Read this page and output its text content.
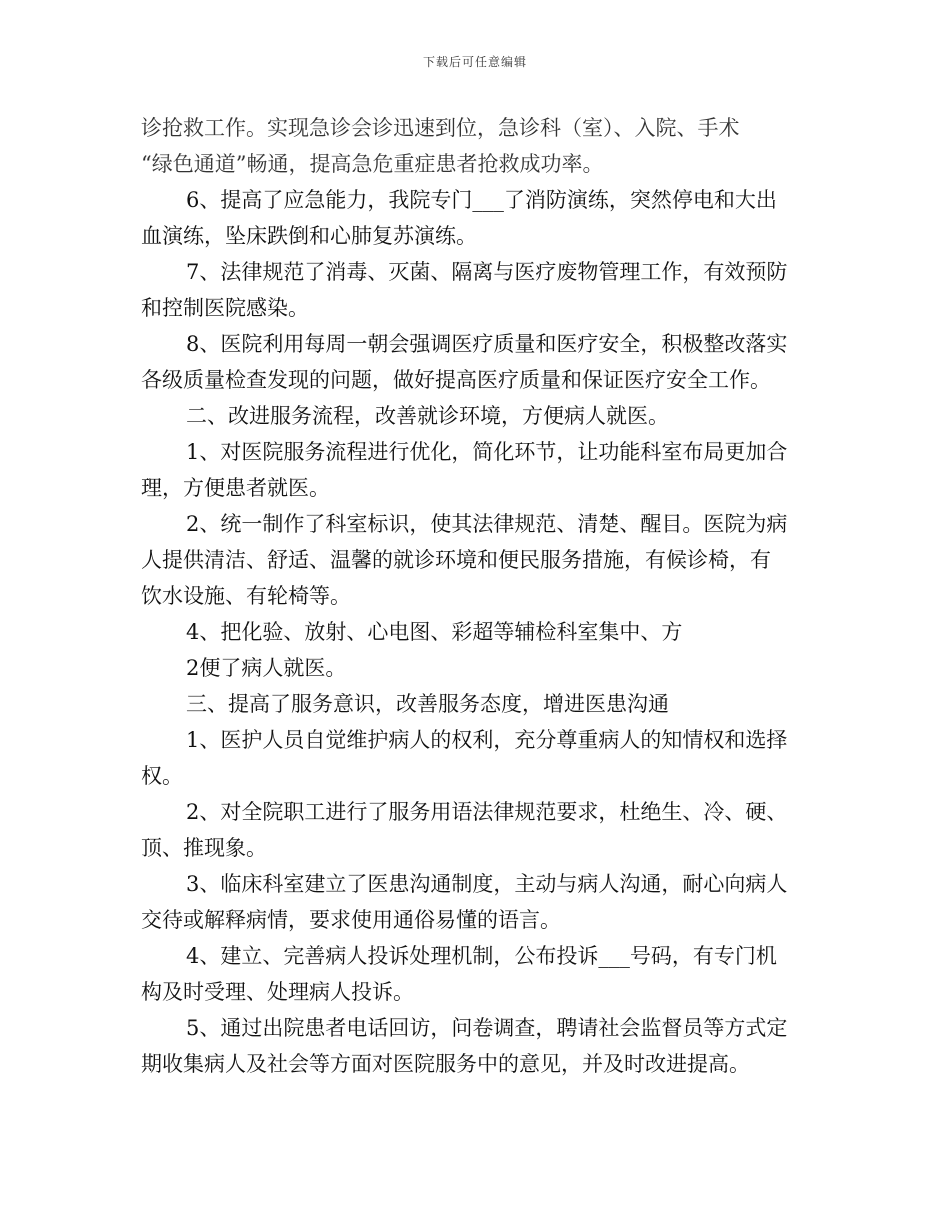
下载后可任意编辑

诊抢救工作。实现急诊会诊迅速到位，急诊科（室）、入院、手术

“绿色通道”畅通，提高急危重症患者抢救成功率。

6、提高了应急能力，我院专门___了消防演练，突然停电和大出

血演练，坠床跌倒和心肺复苏演练。

7、法律规范了消毒、灭菌、隔离与医疗废物管理工作，有效预防

和控制医院感染。

8、医院利用每周一朝会强调医疗质量和医疗安全，积极整改落实

各级质量检查发现的问题，做好提高医疗质量和保证医疗安全工作。

二、改进服务流程，改善就诊环境，方便病人就医。

1、对医院服务流程进行优化，简化环节，让功能科室布局更加合

理，方便患者就医。

2、统一制作了科室标识，使其法律规范、清楚、醒目。医院为病

人提供清洁、舒适、温馨的就诊环境和便民服务措施，有候诊椅，有

饮水设施、有轮椅等。

4、把化验、放射、心电图、彩超等辅检科室集中、方

2便了病人就医。

三、提高了服务意识，改善服务态度，增进医患沟通

1、医护人员自觉维护病人的权利，充分尊重病人的知情权和选择

权。

2、对全院职工进行了服务用语法律规范要求，杜绝生、冷、硬、

顶、推现象。

3、临床科室建立了医患沟通制度，主动与病人沟通，耐心向病人

交待或解释病情，要求使用通俗易懂的语言。

4、建立、完善病人投诉处理机制，公布投诉___号码，有专门机

构及时受理、处理病人投诉。

5、通过出院患者电话回访，问卷调查，聘请社会监督员等方式定

期收集病人及社会等方面对医院服务中的意见，并及时改进提高。
